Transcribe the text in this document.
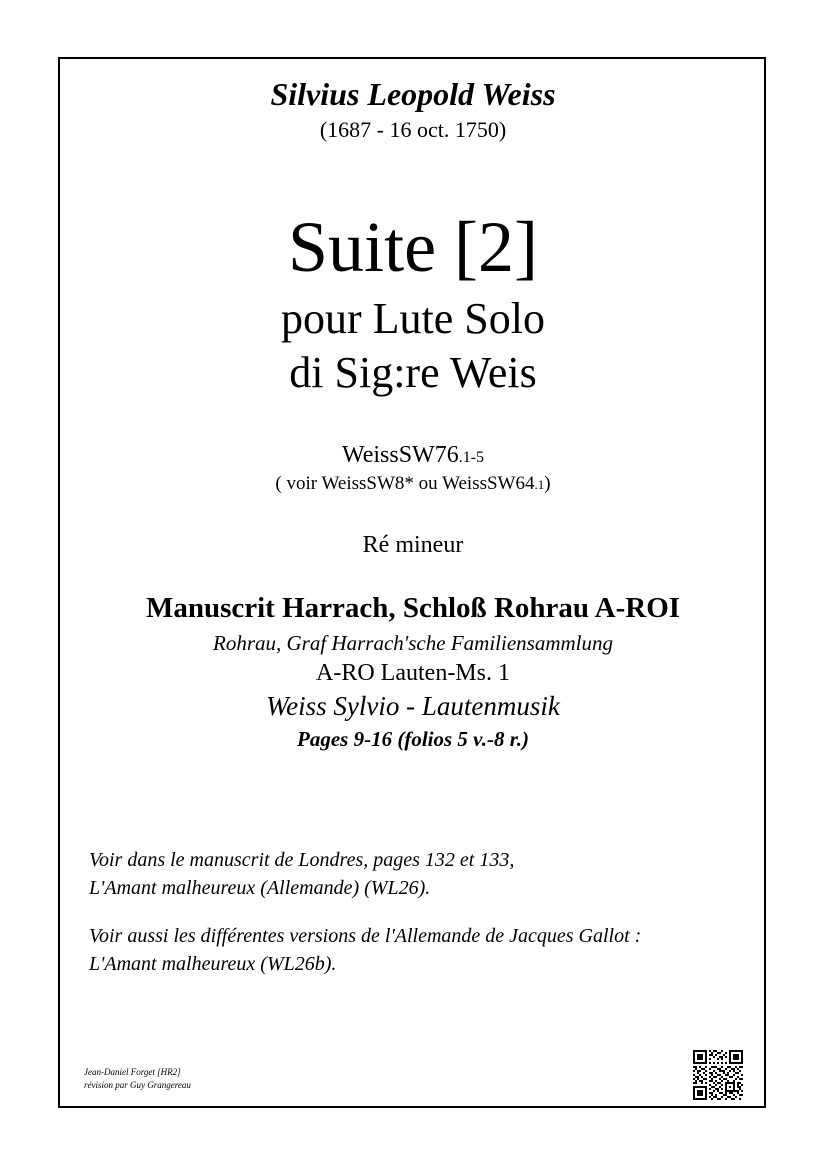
Silvius Leopold Weiss
(1687 - 16 oct. 1750)
Suite [2]
pour Lute Solo
di Sig:re Weis
WeissSW76.1-5
( voir WeissSW8* ou WeissSW64.1)
Ré mineur
Manuscrit Harrach, Schloß Rohrau A-ROI
Rohrau, Graf Harrach'sche Familiensammlung
A-RO Lauten-Ms. 1
Weiss Sylvio - Lautenmusik
Pages 9-16 (folios 5 v.-8 r.)
Voir dans le manuscrit de Londres, pages 132 et 133,
L'Amant malheureux (Allemande) (WL26).
Voir aussi les différentes versions de l'Allemande de Jacques Gallot :
L'Amant malheureux (WL26b).
Jean-Daniel Forget [HR2]
révision par Guy Grangereau
